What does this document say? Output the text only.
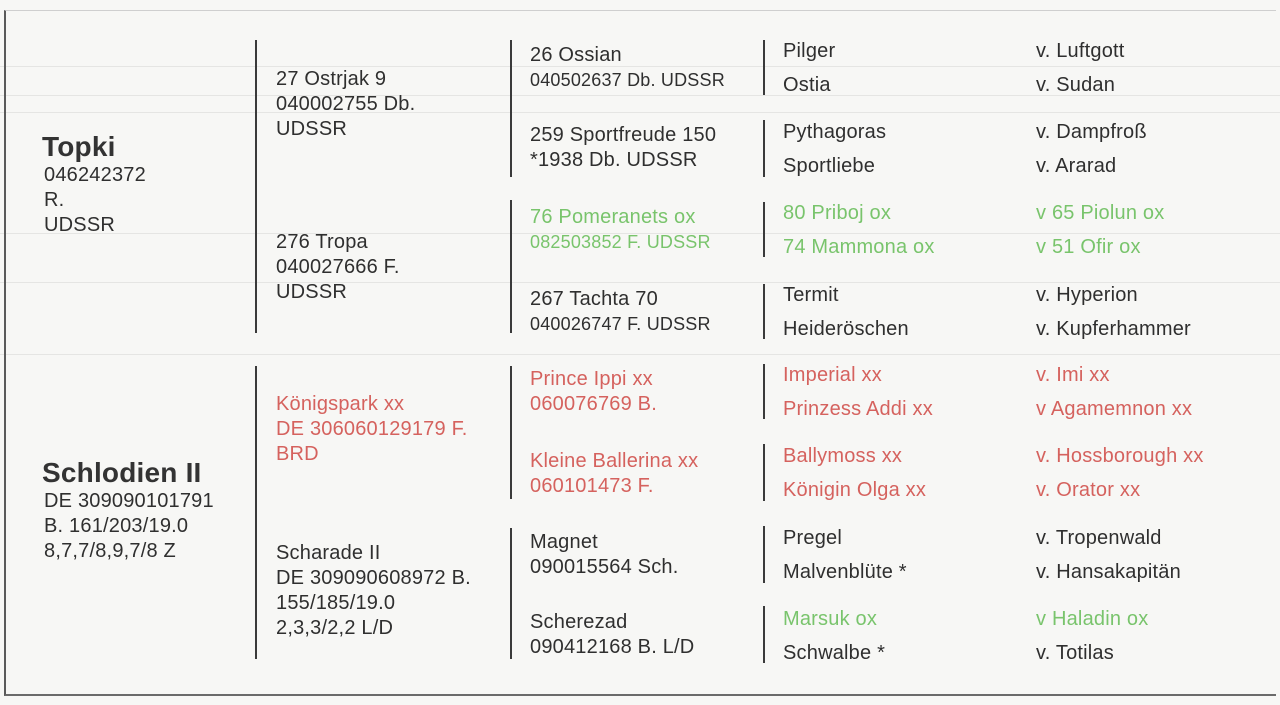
Topki
046242372
R.
UDSSR
Schlodien II
DE 309090101791
B. 161/203/19.0
8,7,7/8,9,7/8 Z
27 Ostrjak 9
040002755 Db.
UDSSR
276 Tropa
040027666 F.
UDSSR
Königspark xx
DE 306060129179 F.
BRD
Scharade II
DE 309090608972 B.
155/185/19.0
2,3,3/2,2 L/D
26 Ossian
040502637 Db. UDSSR
259 Sportfreude 150
*1938 Db. UDSSR
76 Pomeranets ox
082503852 F. UDSSR
267 Tachta 70
040026747 F. UDSSR
Prince Ippi xx
060076769 B.
Kleine Ballerina xx
060101473 F.
Magnet
090015564 Sch.
Scherezad
090412168 B. L/D
Pilger
Ostia
Pythagoras
Sportliebe
80 Priboj ox
74 Mammona ox
Termit
Heideröschen
Imperial xx
Prinzess Addi xx
Ballymoss xx
Königin Olga xx
Pregel
Malvenblüte *
Marsuk ox
Schwalbe *
v. Luftgott
v. Sudan
v. Dampfroß
v. Ararad
v 65 Piolun ox
v 51 Ofir ox
v. Hyperion
v. Kupferhammer
v. Imi xx
v Agamemnon xx
v. Hossborough xx
v. Orator xx
v. Tropenwald
v. Hansakapitän
v Haladin ox
v. Totilas
